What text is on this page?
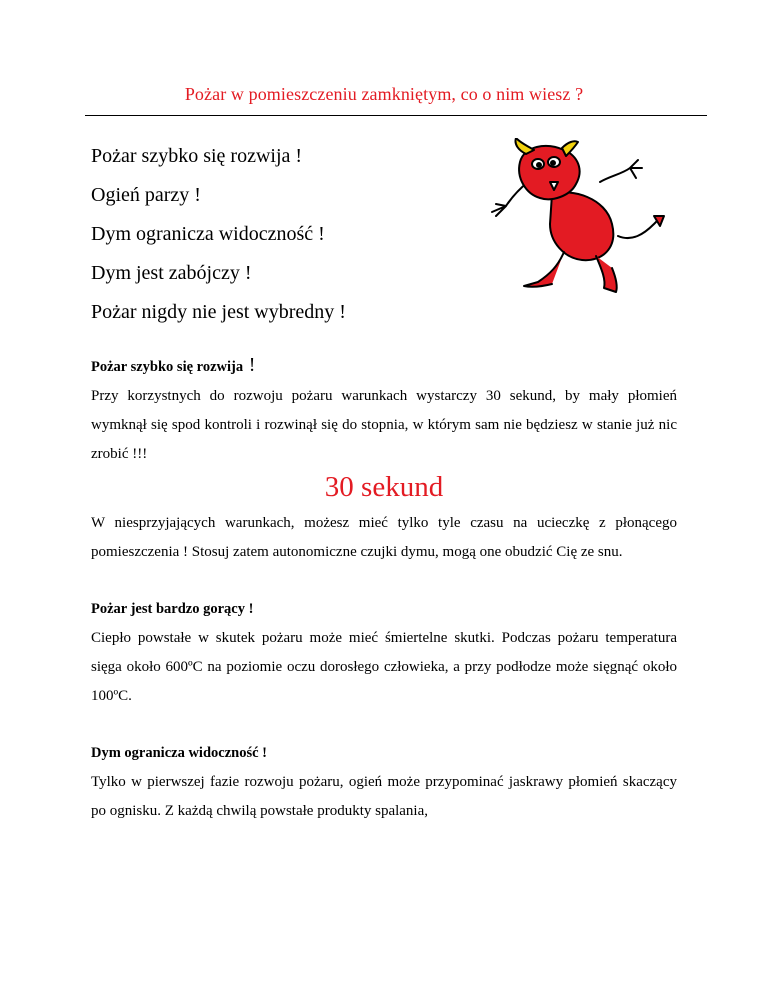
Pożar w pomieszczeniu zamkniętym, co o nim wiesz ?
Pożar szybko się rozwija !
Ogień parzy !
Dym ogranicza widoczność !
Dym jest zabójczy !
Pożar nigdy nie jest wybredny !
Pożar szybko się rozwija !

Przy korzystnych do rozwoju pożaru warunkach wystarczy 30 sekund, by mały płomień wymknął się spod kontroli i rozwinął się do stopnia, w którym sam nie będziesz w stanie już nic zrobić !!!

30 sekund

W niesprzyjających warunkach, możesz mieć tylko tyle czasu na ucieczkę z płonącego pomieszczenia ! Stosuj zatem autonomiczne czujki dymu, mogą one obudzić Cię ze snu.

Pożar jest bardzo gorący !

Ciepło powstałe w skutek pożaru może mieć śmiertelne skutki. Podczas pożaru temperatura sięga około 600ºC na poziomie oczu dorosłego człowieka, a przy podłodze może sięgnąć około 100ºC.

Dym ogranicza widoczność !

Tylko w pierwszej fazie rozwoju pożaru, ogień może przypominać jaskrawy płomień skaczący po ognisku. Z każdą chwilą powstałe produkty spalania,
